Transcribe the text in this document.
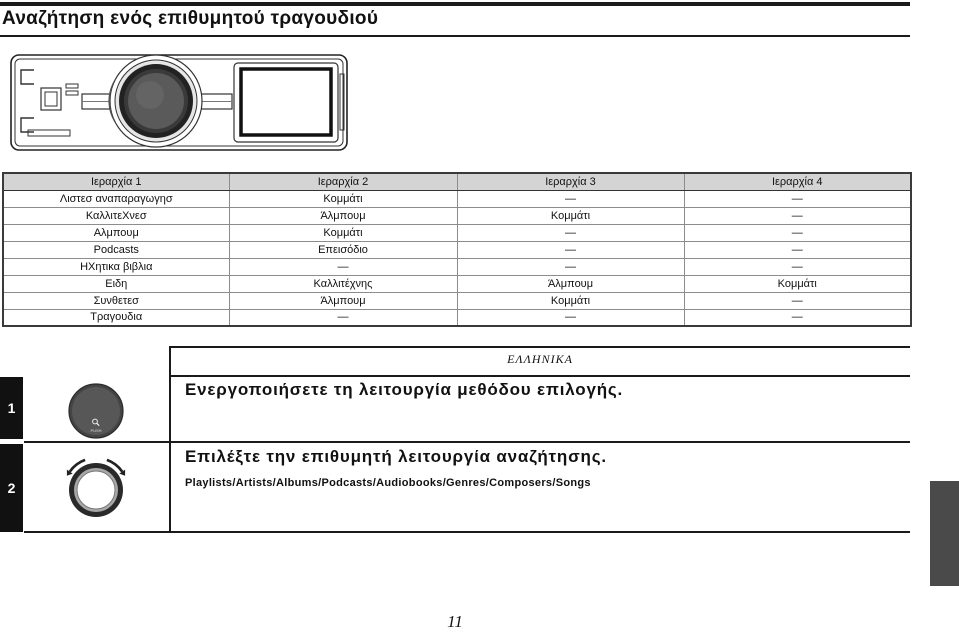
Αναζήτηση ενός επιθυμητού τραγουδιού
Ιεραρχία 1	Ιεραρχία 2	Ιεραρχία 3	Ιεραρχία 4
Λιστεσ αναπαραγωγησ	Κομμάτι	—	—
ΚαλλιτεΧνεσ	Άλμπουμ	Κομμάτι	—
Αλμπουμ	Κομμάτι	—	—
Podcasts	Επεισόδιο	—	—
ΗΧητικα βιβλια	—	—	—
Ειδη	Καλλιτέχνης	Άλμπουμ	Κομμάτι
Συνθετεσ	Άλμπουμ	Κομμάτι	—
Τραγουδια	—	—	—
ΕΛΛΗΝΙΚΑ
1
2
PUSH
Ενεργοποιήσετε τη λειτουργία μεθόδου επιλογής.
Επιλέξτε την επιθυμητή λειτουργία αναζήτησης.
Playlists/Artists/Albums/Podcasts/Audiobooks/Genres/Composers/Songs
11
